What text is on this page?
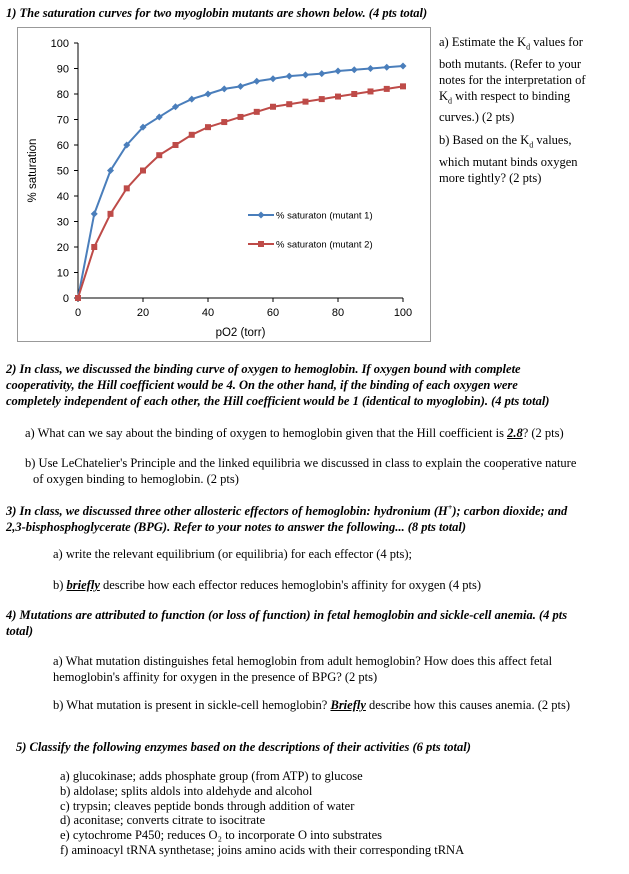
1) The saturation curves for two myoglobin mutants are shown below. (4 pts total)
0
10
20
30
40
50
60
70
80
90
100
0	20	40	60	80	100
pO2 (torr)
% saturation
% saturaton (mutant 1)
% saturaton (mutant 2)
a) Estimate the $K_d$ values for
both mutants. (Refer to your
notes for the interpretation of
$K_d$ with respect to binding
curves.) (2 pts)
b) Based on the $K_d$ values,
which mutant binds oxygen
more tightly? (2 pts)
2) In class, we discussed the binding curve of oxygen to hemoglobin. If oxygen bound with complete
cooperativity, the Hill coefficient would be 4. On the other hand, if the binding of each oxygen were
completely independent of each other, the Hill coefficient would be 1 (identical to myoglobin). (4 pts total)
a) What can we say about the binding of oxygen to hemoglobin given that the Hill coefficient is 2.8? (2 pts)
b) Use LeChatelier's Principle and the linked equilibria we discussed in class to explain the cooperative nature
of oxygen binding to hemoglobin. (2 pts)
3) In class, we discussed three other allosteric effectors of hemoglobin: hydronium (H+); carbon dioxide; and
2,3-bisphosphoglycerate (BPG). Refer to your notes to answer the following... (8 pts total)
a) write the relevant equilibrium (or equilibria) for each effector (4 pts);
b) briefly describe how each effector reduces hemoglobin's affinity for oxygen (4 pts)
4) Mutations are attributed to function (or loss of function) in fetal hemoglobin and sickle-cell anemia. (4 pts
total)
a) What mutation distinguishes fetal hemoglobin from adult hemoglobin? How does this affect fetal
hemoglobin's affinity for oxygen in the presence of BPG? (2 pts)
b) What mutation is present in sickle-cell hemoglobin? Briefly describe how this causes anemia. (2 pts)
5) Classify the following enzymes based on the descriptions of their activities (6 pts total)
a) glucokinase; adds phosphate group (from ATP) to glucose
b) aldolase; splits aldols into aldehyde and alcohol
c) trypsin; cleaves peptide bonds through addition of water
d) aconitase; converts citrate to isocitrate
e) cytochrome P450; reduces O₂ to incorporate O into substrates
f) aminoacyl tRNA synthetase; joins amino acids with their corresponding tRNA
